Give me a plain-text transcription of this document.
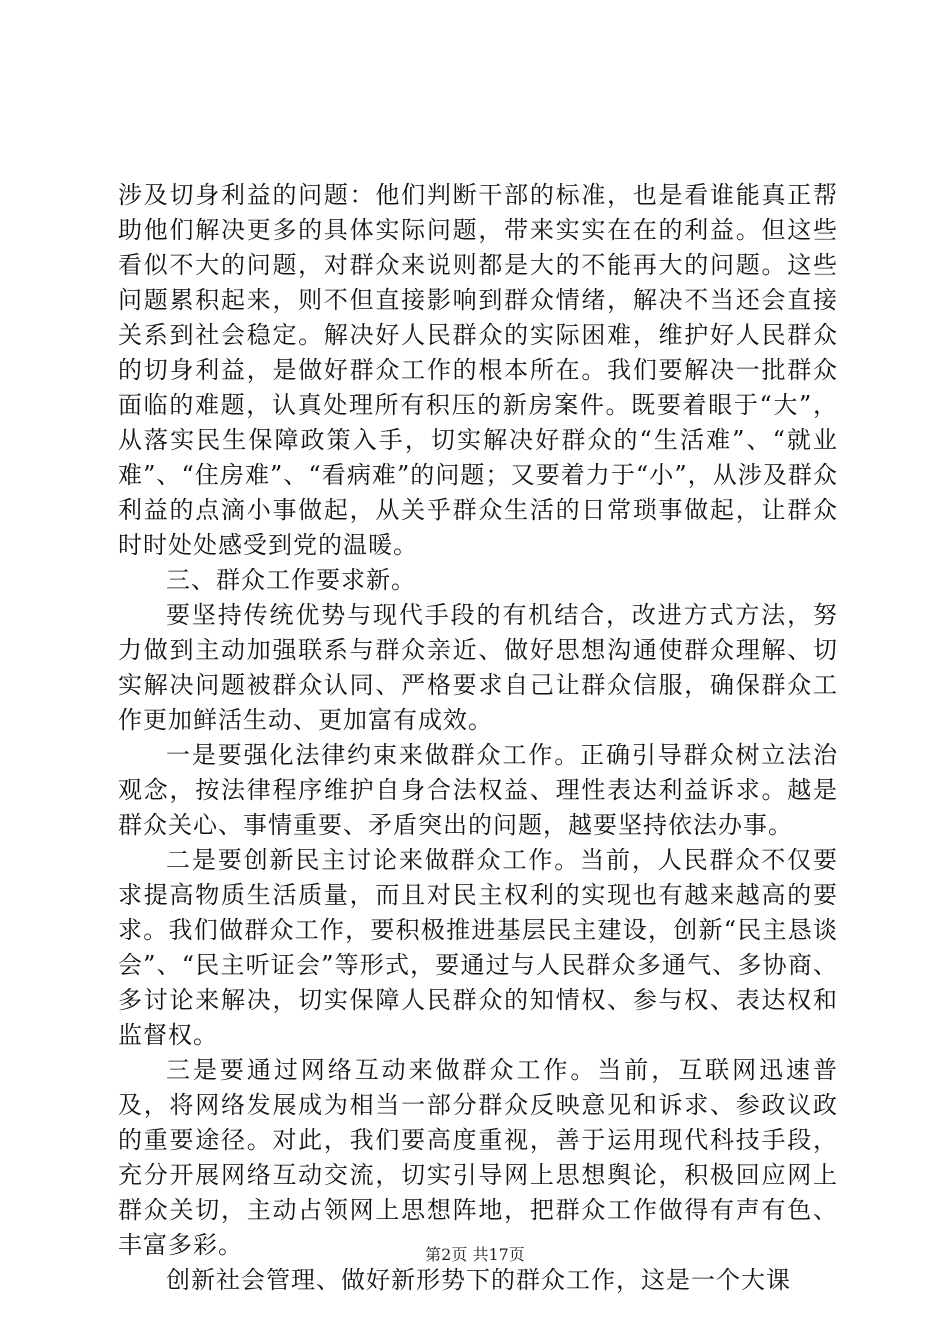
涉及切身利益的问题：他们判断干部的标准，也是看谁能真正帮助他们解决更多的具体实际问题，带来实实在在的利益。但这些看似不大的问题，对群众来说则都是大的不能再大的问题。这些问题累积起来，则不但直接影响到群众情绪，解决不当还会直接关系到社会稳定。解决好人民群众的实际困难，维护好人民群众的切身利益，是做好群众工作的根本所在。我们要解决一批群众面临的难题，认真处理所有积压的新房案件。既要着眼于“大”，从落实民生保障政策入手，切实解决好群众的“生活难”、“就业难”、“住房难”、“看病难”的问题；又要着力于“小”，从涉及群众利益的点滴小事做起，从关乎群众生活的日常琐事做起，让群众时时处处感受到党的温暖。

三、群众工作要求新。

要坚持传统优势与现代手段的有机结合，改进方式方法，努力做到主动加强联系与群众亲近、做好思想沟通使群众理解、切实解决问题被群众认同、严格要求自己让群众信服，确保群众工作更加鲜活生动、更加富有成效。

一是要强化法律约束来做群众工作。正确引导群众树立法治观念，按法律程序维护自身合法权益、理性表达利益诉求。越是群众关心、事情重要、矛盾突出的问题，越要坚持依法办事。

二是要创新民主讨论来做群众工作。当前，人民群众不仅要求提高物质生活质量，而且对民主权利的实现也有越来越高的要求。我们做群众工作，要积极推进基层民主建设，创新“民主恳谈会”、“民主听证会”等形式，要通过与人民群众多通气、多协商、多讨论来解决，切实保障人民群众的知情权、参与权、表达权和监督权。

三是要通过网络互动来做群众工作。当前，互联网迅速普及，将网络发展成为相当一部分群众反映意见和诉求、参政议政的重要途径。对此，我们要高度重视，善于运用现代科技手段，充分开展网络互动交流，切实引导网上思想舆论，积极回应网上群众关切，主动占领网上思想阵地，把群众工作做得有声有色、丰富多彩。

创新社会管理、做好新形势下的群众工作，这是一个大课

第2页 共17页
